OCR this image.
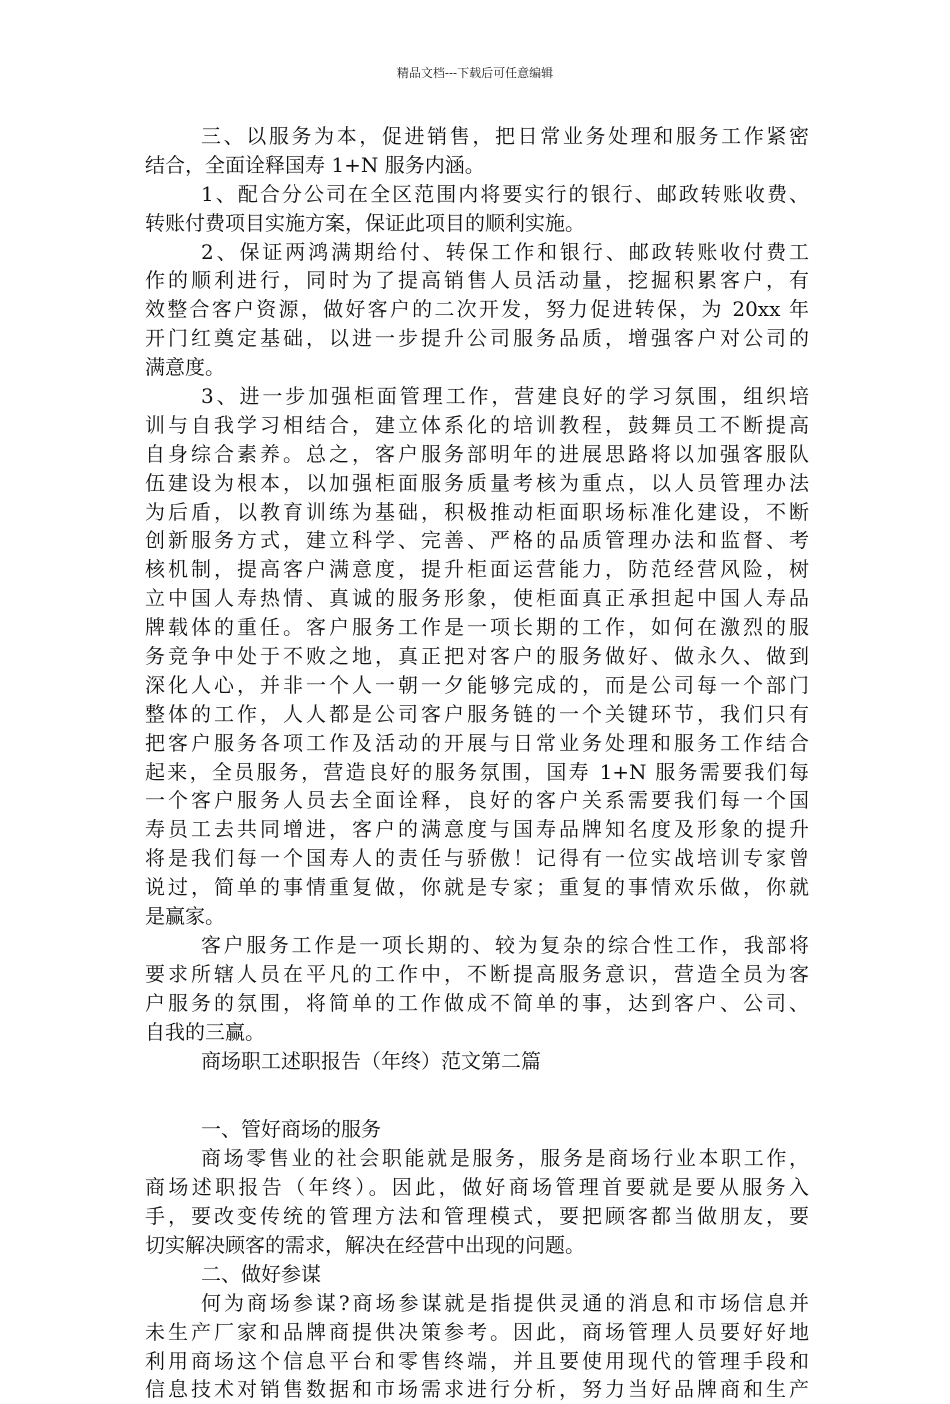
精品文档---下载后可任意编辑
三、以服务为本，促进销售，把日常业务处理和服务工作紧密
结合，全面诠释国寿 1+N 服务内涵。
1、配合分公司在全区范围内将要实行的银行、邮政转账收费、
转账付费项目实施方案，保证此项目的顺利实施。
2、保证两鸿满期给付、转保工作和银行、邮政转账收付费工
作的顺利进行，同时为了提高销售人员活动量，挖掘积累客户，有
效整合客户资源，做好客户的二次开发，努力促进转保，为 20xx 年
开门红奠定基础，以进一步提升公司服务品质，增强客户对公司的
满意度。
3、进一步加强柜面管理工作，营建良好的学习氛围，组织培
训与自我学习相结合，建立体系化的培训教程，鼓舞员工不断提高
自身综合素养。总之，客户服务部明年的进展思路将以加强客服队
伍建设为根本，以加强柜面服务质量考核为重点，以人员管理办法
为后盾，以教育训练为基础，积极推动柜面职场标准化建设，不断
创新服务方式，建立科学、完善、严格的品质管理办法和监督、考
核机制，提高客户满意度，提升柜面运营能力，防范经营风险，树
立中国人寿热情、真诚的服务形象，使柜面真正承担起中国人寿品
牌载体的重任。客户服务工作是一项长期的工作，如何在激烈的服
务竞争中处于不败之地，真正把对客户的服务做好、做永久、做到
深化人心，并非一个人一朝一夕能够完成的，而是公司每一个部门
整体的工作，人人都是公司客户服务链的一个关键环节，我们只有
把客户服务各项工作及活动的开展与日常业务处理和服务工作结合
起来，全员服务，营造良好的服务氛围，国寿 1+N 服务需要我们每
一个客户服务人员去全面诠释，良好的客户关系需要我们每一个国
寿员工去共同增进，客户的满意度与国寿品牌知名度及形象的提升
将是我们每一个国寿人的责任与骄傲！记得有一位实战培训专家曾
说过，简单的事情重复做，你就是专家；重复的事情欢乐做，你就
是赢家。
客户服务工作是一项长期的、较为复杂的综合性工作，我部将
要求所辖人员在平凡的工作中，不断提高服务意识，营造全员为客
户服务的氛围，将简单的工作做成不简单的事，达到客户、公司、
自我的三赢。
商场职工述职报告（年终）范文第二篇
一、管好商场的服务
商场零售业的社会职能就是服务，服务是商场行业本职工作，
商场述职报告（年终）。因此，做好商场管理首要就是要从服务入
手，要改变传统的管理方法和管理模式，要把顾客都当做朋友，要
切实解决顾客的需求，解决在经营中出现的问题。
二、做好参谋
何为商场参谋?商场参谋就是指提供灵通的消息和市场信息并
未生产厂家和品牌商提供决策参考。因此，商场管理人员要好好地
利用商场这个信息平台和零售终端，并且要使用现代的管理手段和
信息技术对销售数据和市场需求进行分析，努力当好品牌商和生产
